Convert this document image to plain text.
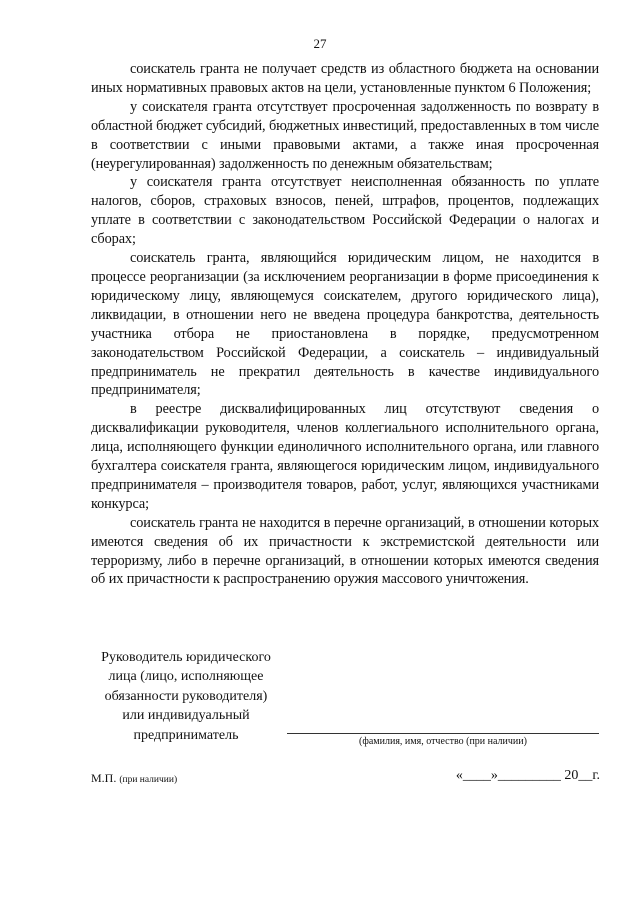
27

соискатель гранта не получает средств из областного бюджета на основании иных нормативных правовых актов на цели, установленные пунктом 6 Положения;

у соискателя гранта отсутствует просроченная задолженность по возврату в областной бюджет субсидий, бюджетных инвестиций, предоставленных в том числе в соответствии с иными правовыми актами, а также иная просроченная (неурегулированная) задолженность по денежным обязательствам;

у соискателя гранта отсутствует неисполненная обязанность по уплате налогов, сборов, страховых взносов, пеней, штрафов, процентов, подлежащих уплате в соответствии с законодательством Российской Федерации о налогах и сборах;

соискатель гранта, являющийся юридическим лицом, не находится в процессе реорганизации (за исключением реорганизации в форме присоединения к юридическому лицу, являющемуся соискателем, другого юридического лица), ликвидации, в отношении него не введена процедура банкротства, деятельность участника отбора не приостановлена в порядке, предусмотренном законодательством Российской Федерации, а соискатель – индивидуальный предприниматель не прекратил деятельность в качестве индивидуального предпринимателя;

в реестре дисквалифицированных лиц отсутствуют сведения о дисквалификации руководителя, членов коллегиального исполнительного органа, лица, исполняющего функции единоличного исполнительного органа, или главного бухгалтера соискателя гранта, являющегося юридическим лицом, индивидуального предпринимателя – производителя товаров, работ, услуг, являющихся участниками конкурса;

соискатель гранта не находится в перечне организаций, в отношении которых имеются сведения об их причастности к экстремистской деятельности или терроризму, либо в перечне организаций, в отношении которых имеются сведения об их причастности к распространению оружия массового уничтожения.

Руководитель юридического
лица (лицо, исполняющее
обязанности руководителя)
или индивидуальный
предприниматель	(фамилия, имя, отчество (при наличии)
М.П. (при наличии)	«____»_________ 20__г.
